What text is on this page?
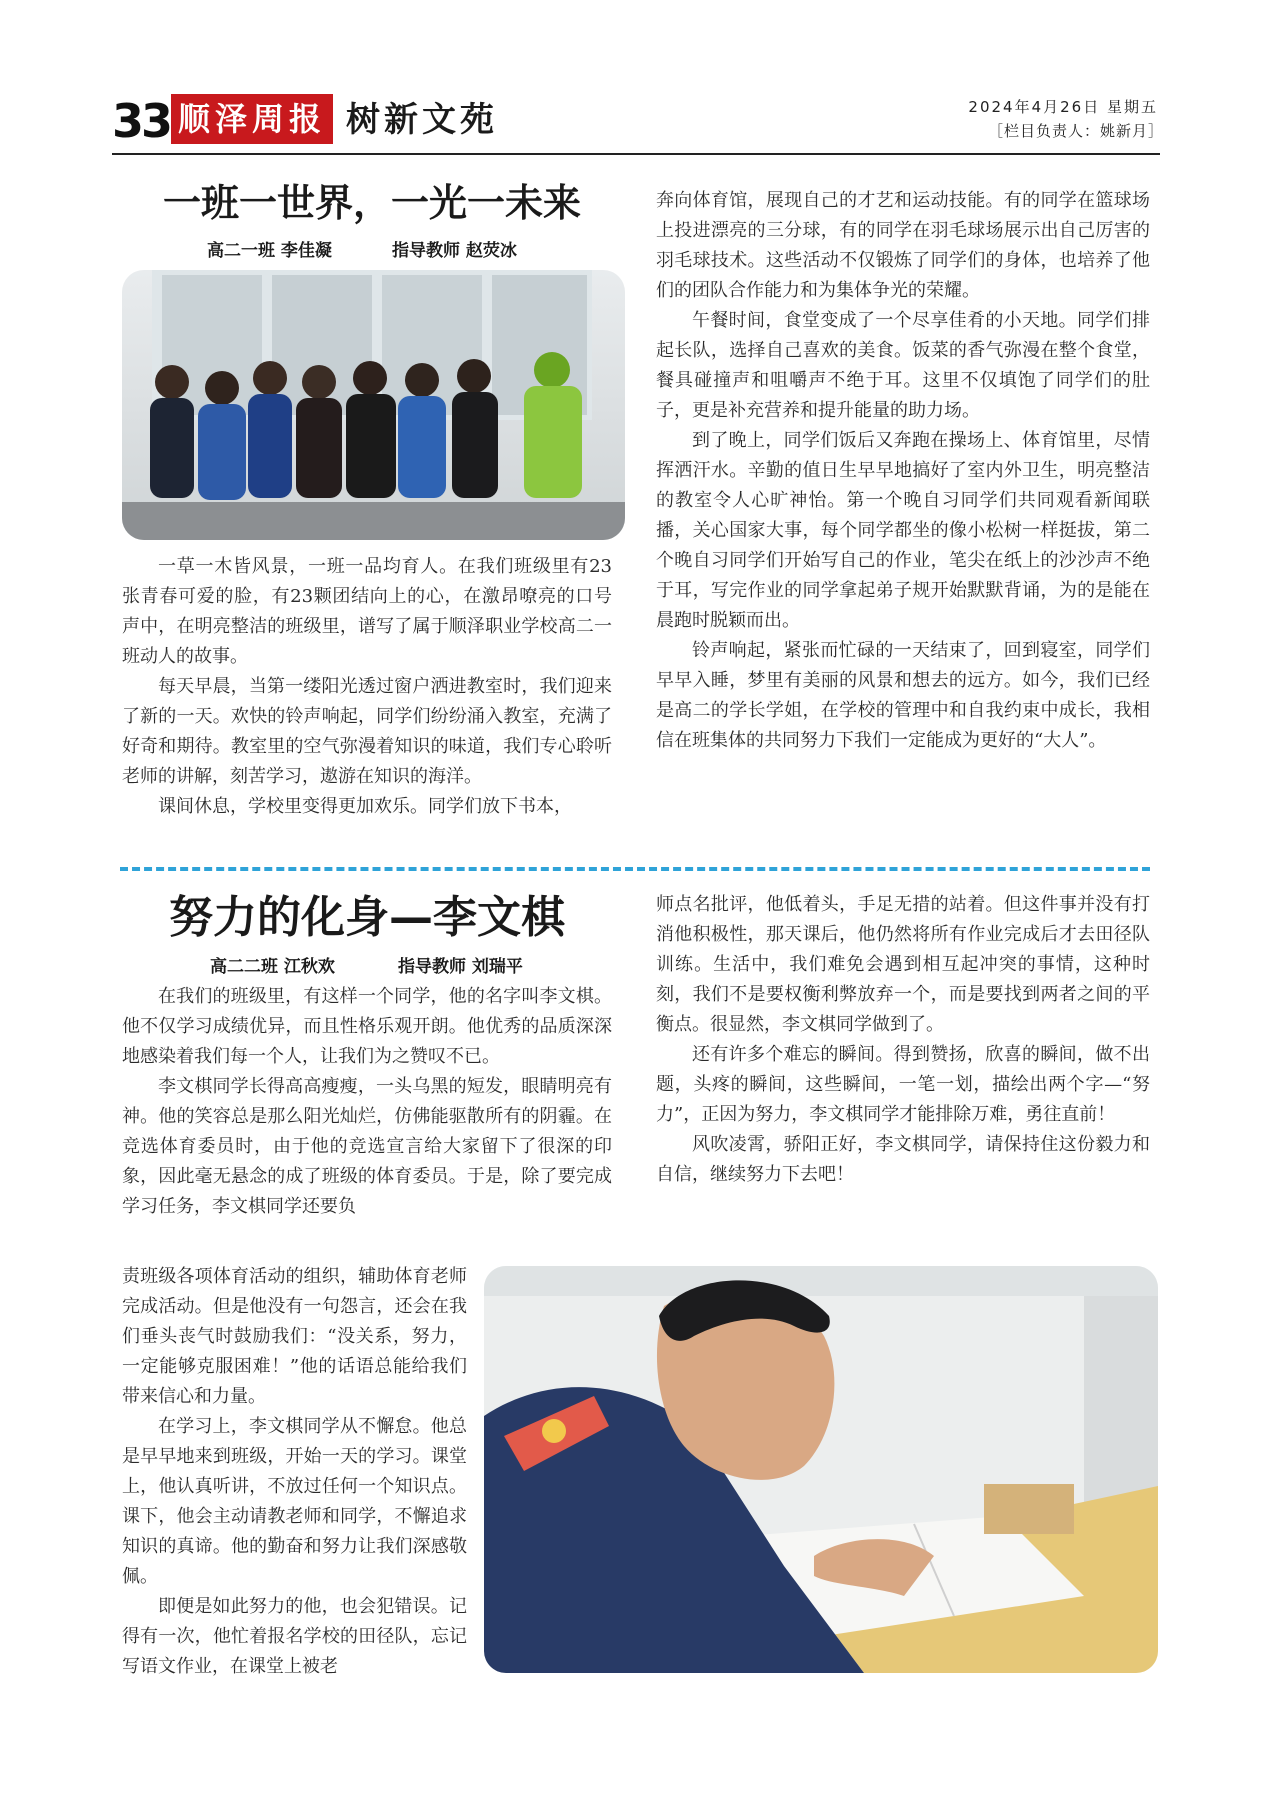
33 顺泽周报 树新文苑	2024年4月26日 星期五
［栏目负责人：姚新月］
一班一世界，一光一未来
高二一班 李佳凝	指导教师 赵荧冰

一草一木皆风景，一班一品均育人。在我们班级里有23张青春可爱的脸，有23颗团结向上的心，在激昂嘹亮的口号声中，在明亮整洁的班级里，谱写了属于顺泽职业学校高二一班动人的故事。

每天早晨，当第一缕阳光透过窗户洒进教室时，我们迎来了新的一天。欢快的铃声响起，同学们纷纷涌入教室，充满了好奇和期待。教室里的空气弥漫着知识的味道，我们专心聆听老师的讲解，刻苦学习，遨游在知识的海洋。

课间休息，学校里变得更加欢乐。同学们放下书本，

奔向体育馆，展现自己的才艺和运动技能。有的同学在篮球场上投进漂亮的三分球，有的同学在羽毛球场展示出自己厉害的羽毛球技术。这些活动不仅锻炼了同学们的身体，也培养了他们的团队合作能力和为集体争光的荣耀。

午餐时间，食堂变成了一个尽享佳肴的小天地。同学们排起长队，选择自己喜欢的美食。饭菜的香气弥漫在整个食堂，餐具碰撞声和咀嚼声不绝于耳。这里不仅填饱了同学们的肚子，更是补充营养和提升能量的助力场。

到了晚上，同学们饭后又奔跑在操场上、体育馆里，尽情挥洒汗水。辛勤的值日生早早地搞好了室内外卫生，明亮整洁的教室令人心旷神怡。第一个晚自习同学们共同观看新闻联播，关心国家大事，每个同学都坐的像小松树一样挺拔，第二个晚自习同学们开始写自己的作业，笔尖在纸上的沙沙声不绝于耳，写完作业的同学拿起弟子规开始默默背诵，为的是能在晨跑时脱颖而出。

铃声响起，紧张而忙碌的一天结束了，回到寝室，同学们早早入睡，梦里有美丽的风景和想去的远方。如今，我们已经是高二的学长学姐，在学校的管理中和自我约束中成长，我相信在班集体的共同努力下我们一定能成为更好的“大人”。

努力的化身—李文棋
高二二班 江秋欢	指导教师 刘瑞平

在我们的班级里，有这样一个同学，他的名字叫李文棋。他不仅学习成绩优异，而且性格乐观开朗。他优秀的品质深深地感染着我们每一个人，让我们为之赞叹不已。

李文棋同学长得高高瘦瘦，一头乌黑的短发，眼睛明亮有神。他的笑容总是那么阳光灿烂，仿佛能驱散所有的阴霾。在竞选体育委员时，由于他的竞选宣言给大家留下了很深的印象，因此毫无悬念的成了班级的体育委员。于是，除了要完成学习任务，李文棋同学还要负

师点名批评，他低着头，手足无措的站着。但这件事并没有打消他积极性，那天课后，他仍然将所有作业完成后才去田径队训练。生活中，我们难免会遇到相互起冲突的事情，这种时刻，我们不是要权衡利弊放弃一个，而是要找到两者之间的平衡点。很显然，李文棋同学做到了。

还有许多个难忘的瞬间。得到赞扬，欣喜的瞬间，做不出题，头疼的瞬间，这些瞬间，一笔一划，描绘出两个字—“努力”，正因为努力，李文棋同学才能排除万难，勇往直前！

风吹凌霄，骄阳正好，李文棋同学，请保持住这份毅力和自信，继续努力下去吧！

责班级各项体育活动的组织，辅助体育老师完成活动。但是他没有一句怨言，还会在我们垂头丧气时鼓励我们：“没关系，努力，一定能够克服困难！”他的话语总能给我们带来信心和力量。

在学习上，李文棋同学从不懈怠。他总是早早地来到班级，开始一天的学习。课堂上，他认真听讲，不放过任何一个知识点。课下，他会主动请教老师和同学，不懈追求知识的真谛。他的勤奋和努力让我们深感敬佩。

即便是如此努力的他，也会犯错误。记得有一次，他忙着报名学校的田径队，忘记写语文作业，在课堂上被老
